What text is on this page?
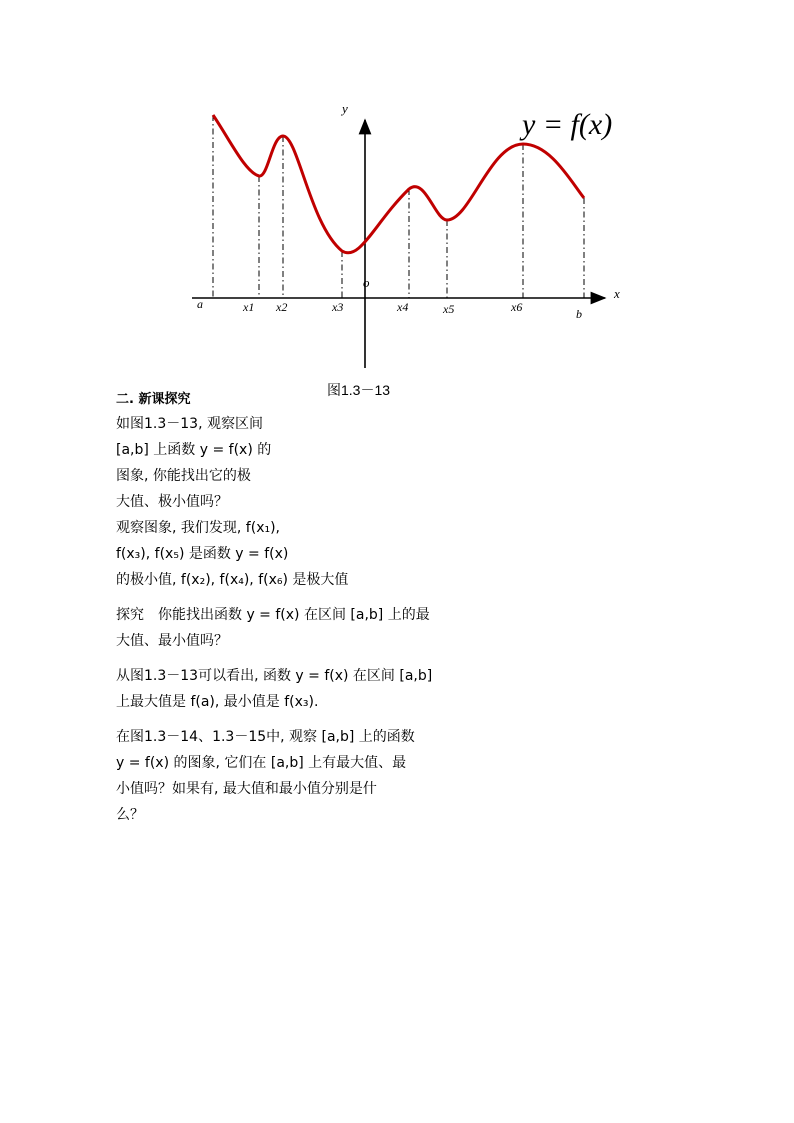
y = f(x)
y
x
o
a	x1 x2	x3	x4	x5	x6	b
图1.3－13
二. 新课探究
如图1.3－13, 观察区间
[a,b] 上函数 y = f(x) 的
图象, 你能找出它的极
大值、极小值吗？
观察图象, 我们发现, f(x₁),
f(x₃), f(x₅) 是函数 y = f(x)
的极小值, f(x₂), f(x₄), f(x₆) 是极大值
探究　你能找出函数 y = f(x) 在区间 [a,b] 上的最
大值、最小值吗？
从图1.3－13可以看出, 函数 y = f(x) 在区间 [a,b]
上最大值是 f(a), 最小值是 f(x₃).
在图1.3－14、1.3－15中, 观察 [a,b] 上的函数
y = f(x) 的图象, 它们在 [a,b] 上有最大值、最
小值吗？如果有, 最大值和最小值分别是什
么？
